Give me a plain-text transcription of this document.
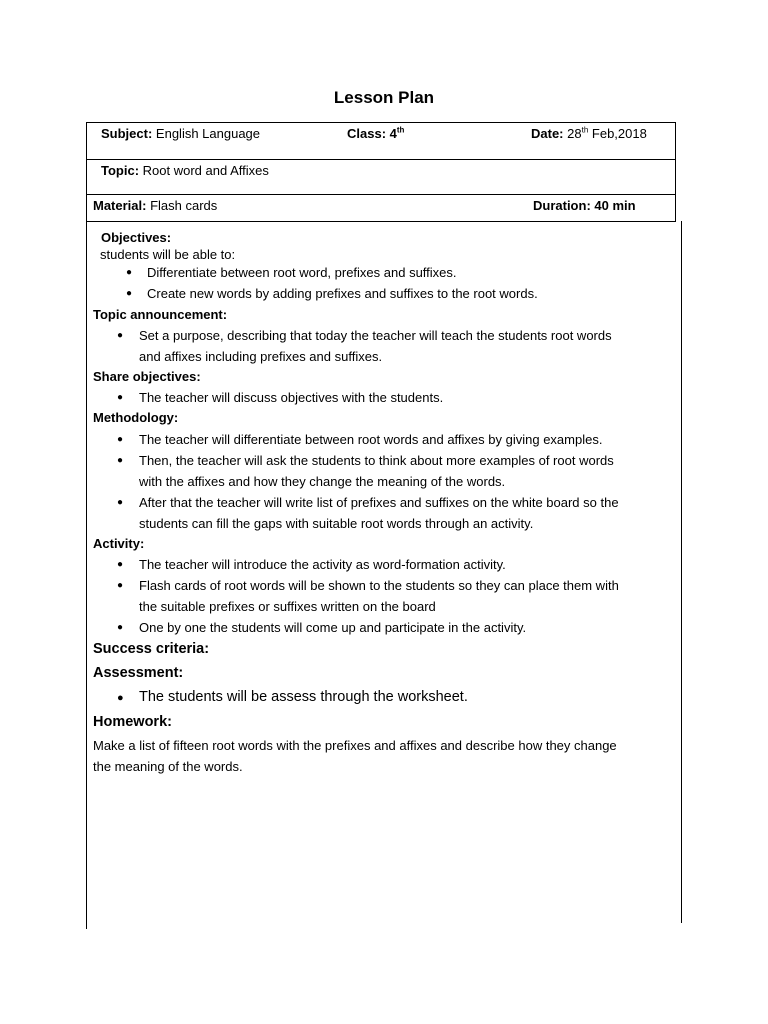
Lesson Plan
Subject: English Language	Class: 4th	Date: 28th Feb,2018
Topic: Root word and Affixes
Material: Flash cards	Duration: 40 min
Objectives:
students will be able to:
● Differentiate between root word, prefixes and suffixes.
● Create new words by adding prefixes and suffixes to the root words.
Topic announcement:
● Set a purpose, describing that today the teacher will teach the students root words
and affixes including prefixes and suffixes.
Share objectives:
● The teacher will discuss objectives with the students.
Methodology:
● The teacher will differentiate between root words and affixes by giving examples.
● Then, the teacher will ask the students to think about more examples of root words
with the affixes and how they change the meaning of the words.
● After that the teacher will write list of prefixes and suffixes on the white board so the
students can fill the gaps with suitable root words through an activity.
Activity:
● The teacher will introduce the activity as word-formation activity.
● Flash cards of root words will be shown to the students so they can place them with
the suitable prefixes or suffixes written on the board
● One by one the students will come up and participate in the activity.
Success criteria:
Assessment:
● The students will be assess through the worksheet.
Homework:
Make a list of fifteen root words with the prefixes and affixes and describe how they change
the meaning of the words.
